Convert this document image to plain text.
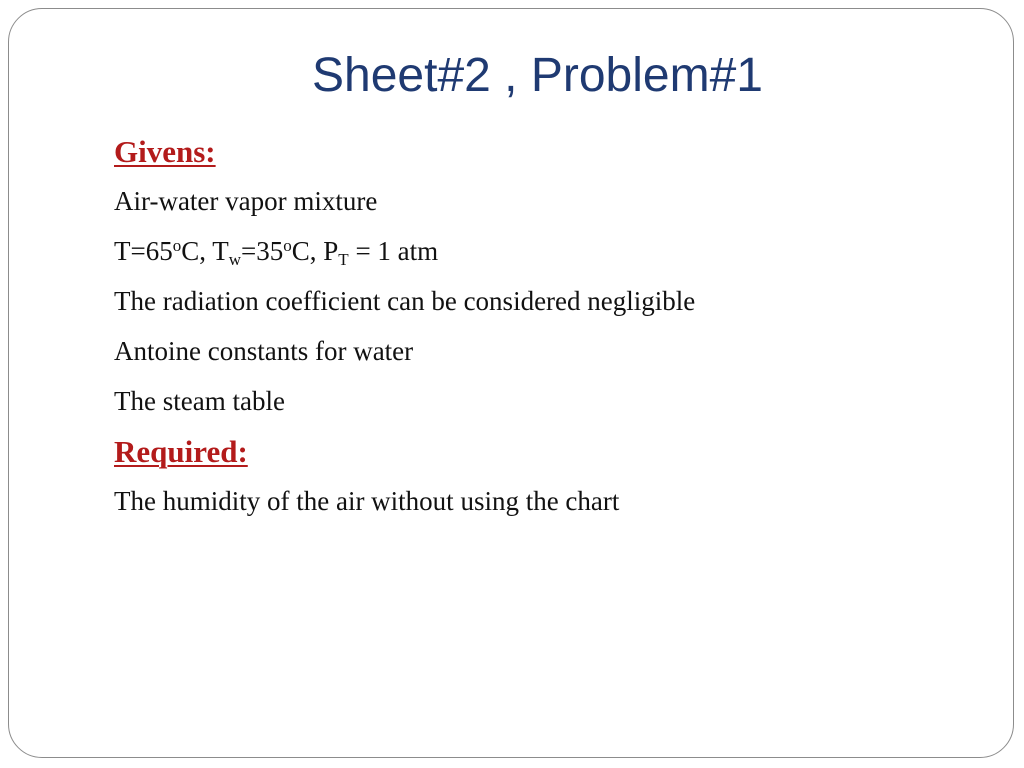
Sheet#2 , Problem#1
Givens:
Air-water vapor mixture
$T=65^oC$, $T_w=35^oC$, $P_T = 1$ atm
The radiation coefficient can be considered negligible
Antoine constants for water
The steam table
Required:
The humidity of the air without using the chart
